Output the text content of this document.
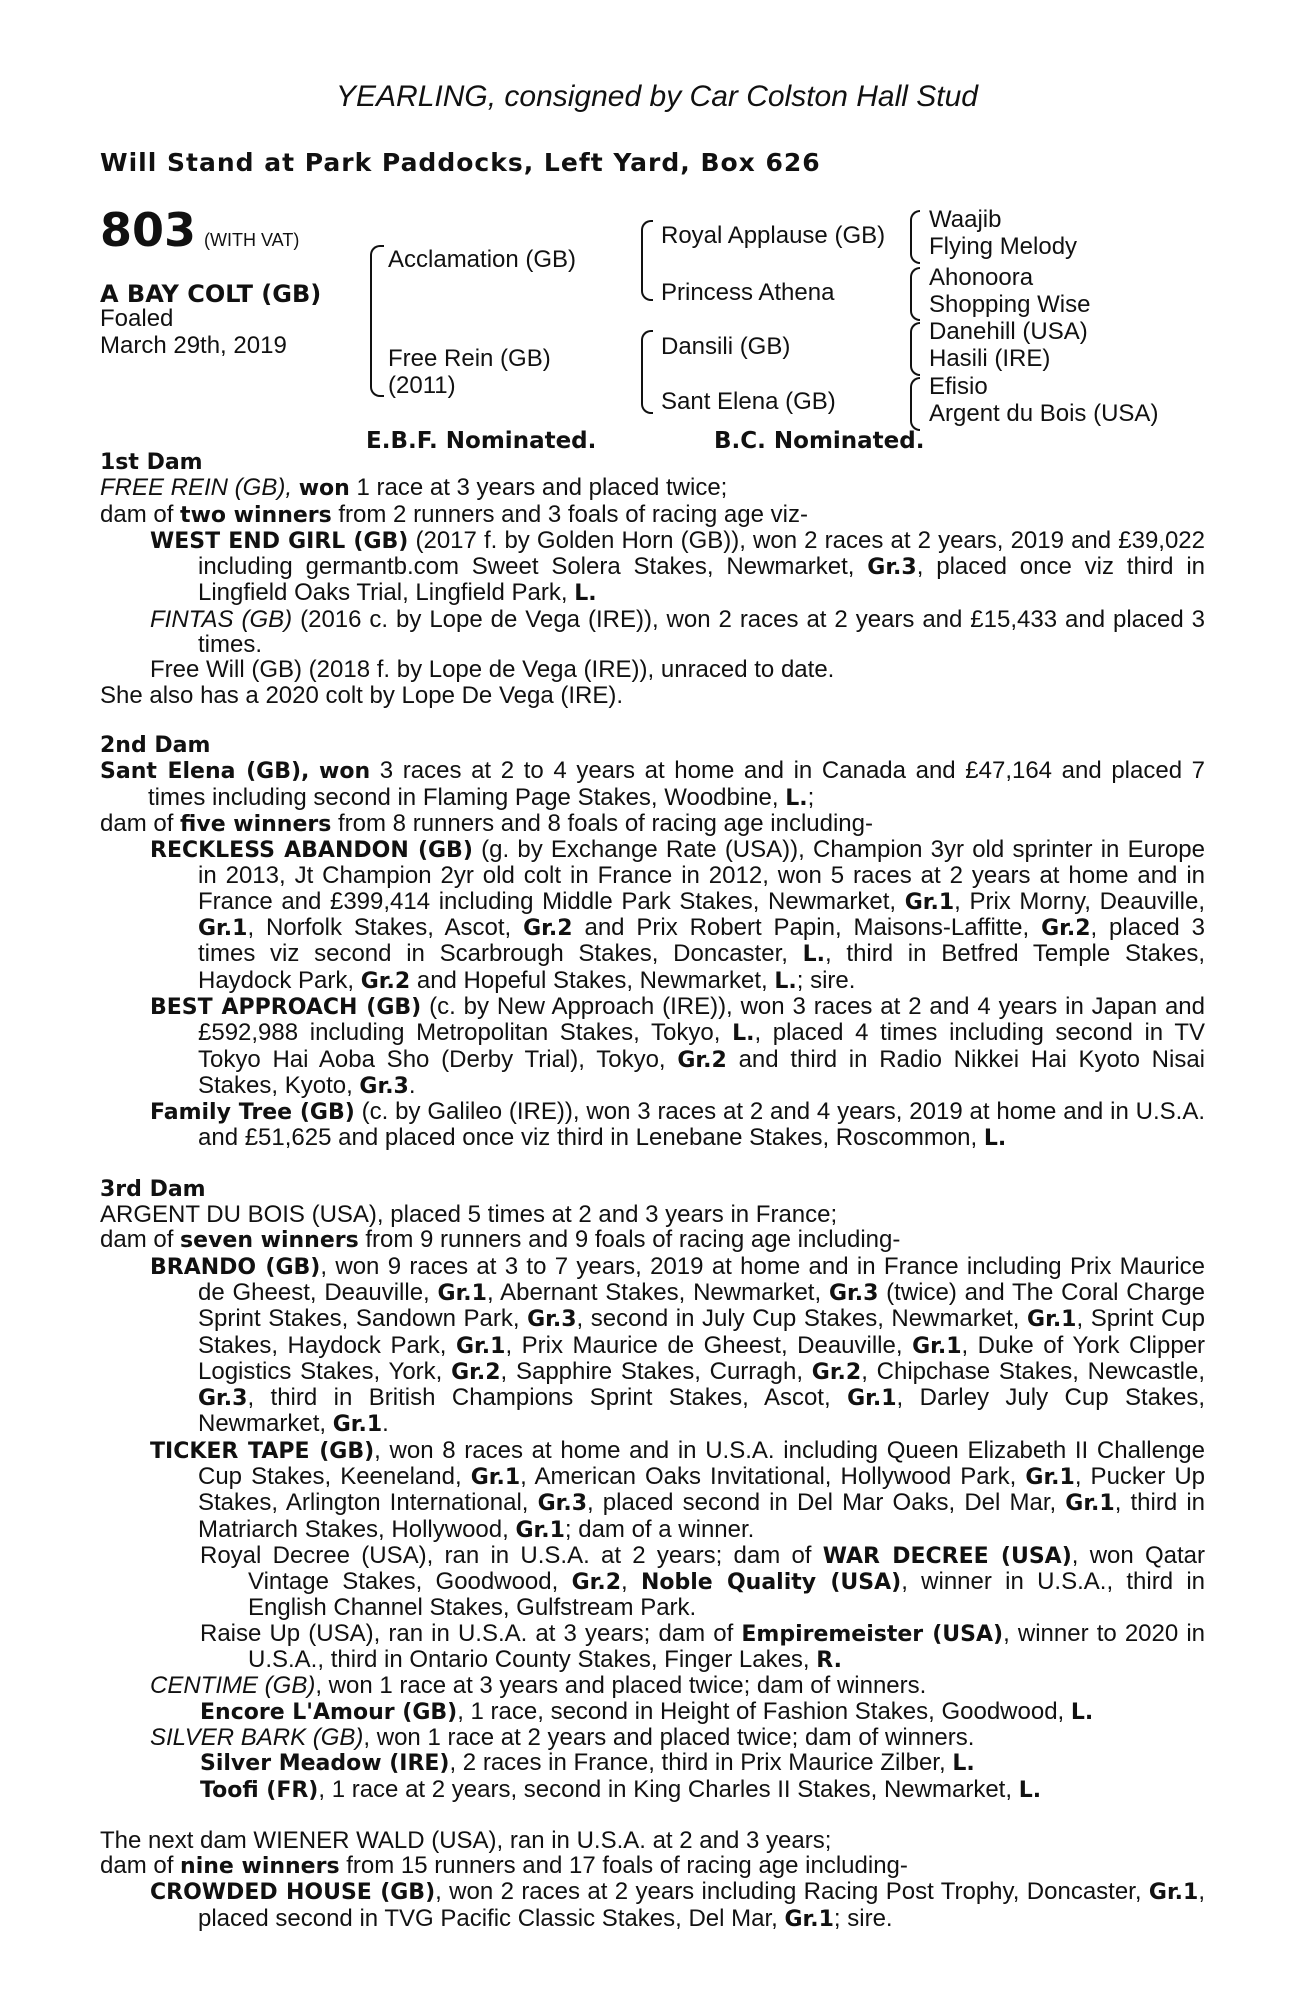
YEARLING, consigned by Car Colston Hall Stud
Will Stand at Park Paddocks, Left Yard, Box 626
803 (WITH VAT)
A BAY COLT (GB)
Foaled
March 29th, 2019
Acclamation (GB)
Free Rein (GB)
(2011)
Royal Applause (GB)
Princess Athena
Dansili (GB)
Sant Elena (GB)
Waajib
Flying Melody
Ahonoora
Shopping Wise
Danehill (USA)
Hasili (IRE)
Efisio
Argent du Bois (USA)
E.B.F. Nominated.	B.C. Nominated.
1st Dam
FREE REIN (GB), won 1 race at 3 years and placed twice;
dam of two winners from 2 runners and 3 foals of racing age viz-
WEST END GIRL (GB) (2017 f. by Golden Horn (GB)), won 2 races at 2 years, 2019 and £39,022 including germantb.com Sweet Solera Stakes, Newmarket, Gr.3, placed once viz third in Lingfield Oaks Trial, Lingfield Park, L.
FINTAS (GB) (2016 c. by Lope de Vega (IRE)), won 2 races at 2 years and £15,433 and placed 3 times.
Free Will (GB) (2018 f. by Lope de Vega (IRE)), unraced to date.
She also has a 2020 colt by Lope De Vega (IRE).
2nd Dam
Sant Elena (GB), won 3 races at 2 to 4 years at home and in Canada and £47,164 and placed 7 times including second in Flaming Page Stakes, Woodbine, L.;
dam of five winners from 8 runners and 8 foals of racing age including-
RECKLESS ABANDON (GB) (g. by Exchange Rate (USA)), Champion 3yr old sprinter in Europe in 2013, Jt Champion 2yr old colt in France in 2012, won 5 races at 2 years at home and in France and £399,414 including Middle Park Stakes, Newmarket, Gr.1, Prix Morny, Deauville, Gr.1, Norfolk Stakes, Ascot, Gr.2 and Prix Robert Papin, Maisons-Laffitte, Gr.2, placed 3 times viz second in Scarbrough Stakes, Doncaster, L., third in Betfred Temple Stakes, Haydock Park, Gr.2 and Hopeful Stakes, Newmarket, L.; sire.
BEST APPROACH (GB) (c. by New Approach (IRE)), won 3 races at 2 and 4 years in Japan and £592,988 including Metropolitan Stakes, Tokyo, L., placed 4 times including second in TV Tokyo Hai Aoba Sho (Derby Trial), Tokyo, Gr.2 and third in Radio Nikkei Hai Kyoto Nisai Stakes, Kyoto, Gr.3.
Family Tree (GB) (c. by Galileo (IRE)), won 3 races at 2 and 4 years, 2019 at home and in U.S.A. and £51,625 and placed once viz third in Lenebane Stakes, Roscommon, L.
3rd Dam
ARGENT DU BOIS (USA), placed 5 times at 2 and 3 years in France;
dam of seven winners from 9 runners and 9 foals of racing age including-
BRANDO (GB), won 9 races at 3 to 7 years, 2019 at home and in France including Prix Maurice de Gheest, Deauville, Gr.1, Abernant Stakes, Newmarket, Gr.3 (twice) and The Coral Charge Sprint Stakes, Sandown Park, Gr.3, second in July Cup Stakes, Newmarket, Gr.1, Sprint Cup Stakes, Haydock Park, Gr.1, Prix Maurice de Gheest, Deauville, Gr.1, Duke of York Clipper Logistics Stakes, York, Gr.2, Sapphire Stakes, Curragh, Gr.2, Chipchase Stakes, Newcastle, Gr.3, third in British Champions Sprint Stakes, Ascot, Gr.1, Darley July Cup Stakes, Newmarket, Gr.1.
TICKER TAPE (GB), won 8 races at home and in U.S.A. including Queen Elizabeth II Challenge Cup Stakes, Keeneland, Gr.1, American Oaks Invitational, Hollywood Park, Gr.1, Pucker Up Stakes, Arlington International, Gr.3, placed second in Del Mar Oaks, Del Mar, Gr.1, third in Matriarch Stakes, Hollywood, Gr.1; dam of a winner.
Royal Decree (USA), ran in U.S.A. at 2 years; dam of WAR DECREE (USA), won Qatar Vintage Stakes, Goodwood, Gr.2, Noble Quality (USA), winner in U.S.A., third in English Channel Stakes, Gulfstream Park.
Raise Up (USA), ran in U.S.A. at 3 years; dam of Empiremeister (USA), winner to 2020 in U.S.A., third in Ontario County Stakes, Finger Lakes, R.
CENTIME (GB), won 1 race at 3 years and placed twice; dam of winners.
Encore L'Amour (GB), 1 race, second in Height of Fashion Stakes, Goodwood, L.
SILVER BARK (GB), won 1 race at 2 years and placed twice; dam of winners.
Silver Meadow (IRE), 2 races in France, third in Prix Maurice Zilber, L.
Toofi (FR), 1 race at 2 years, second in King Charles II Stakes, Newmarket, L.
The next dam WIENER WALD (USA), ran in U.S.A. at 2 and 3 years;
dam of nine winners from 15 runners and 17 foals of racing age including-
CROWDED HOUSE (GB), won 2 races at 2 years including Racing Post Trophy, Doncaster, Gr.1, placed second in TVG Pacific Classic Stakes, Del Mar, Gr.1; sire.
